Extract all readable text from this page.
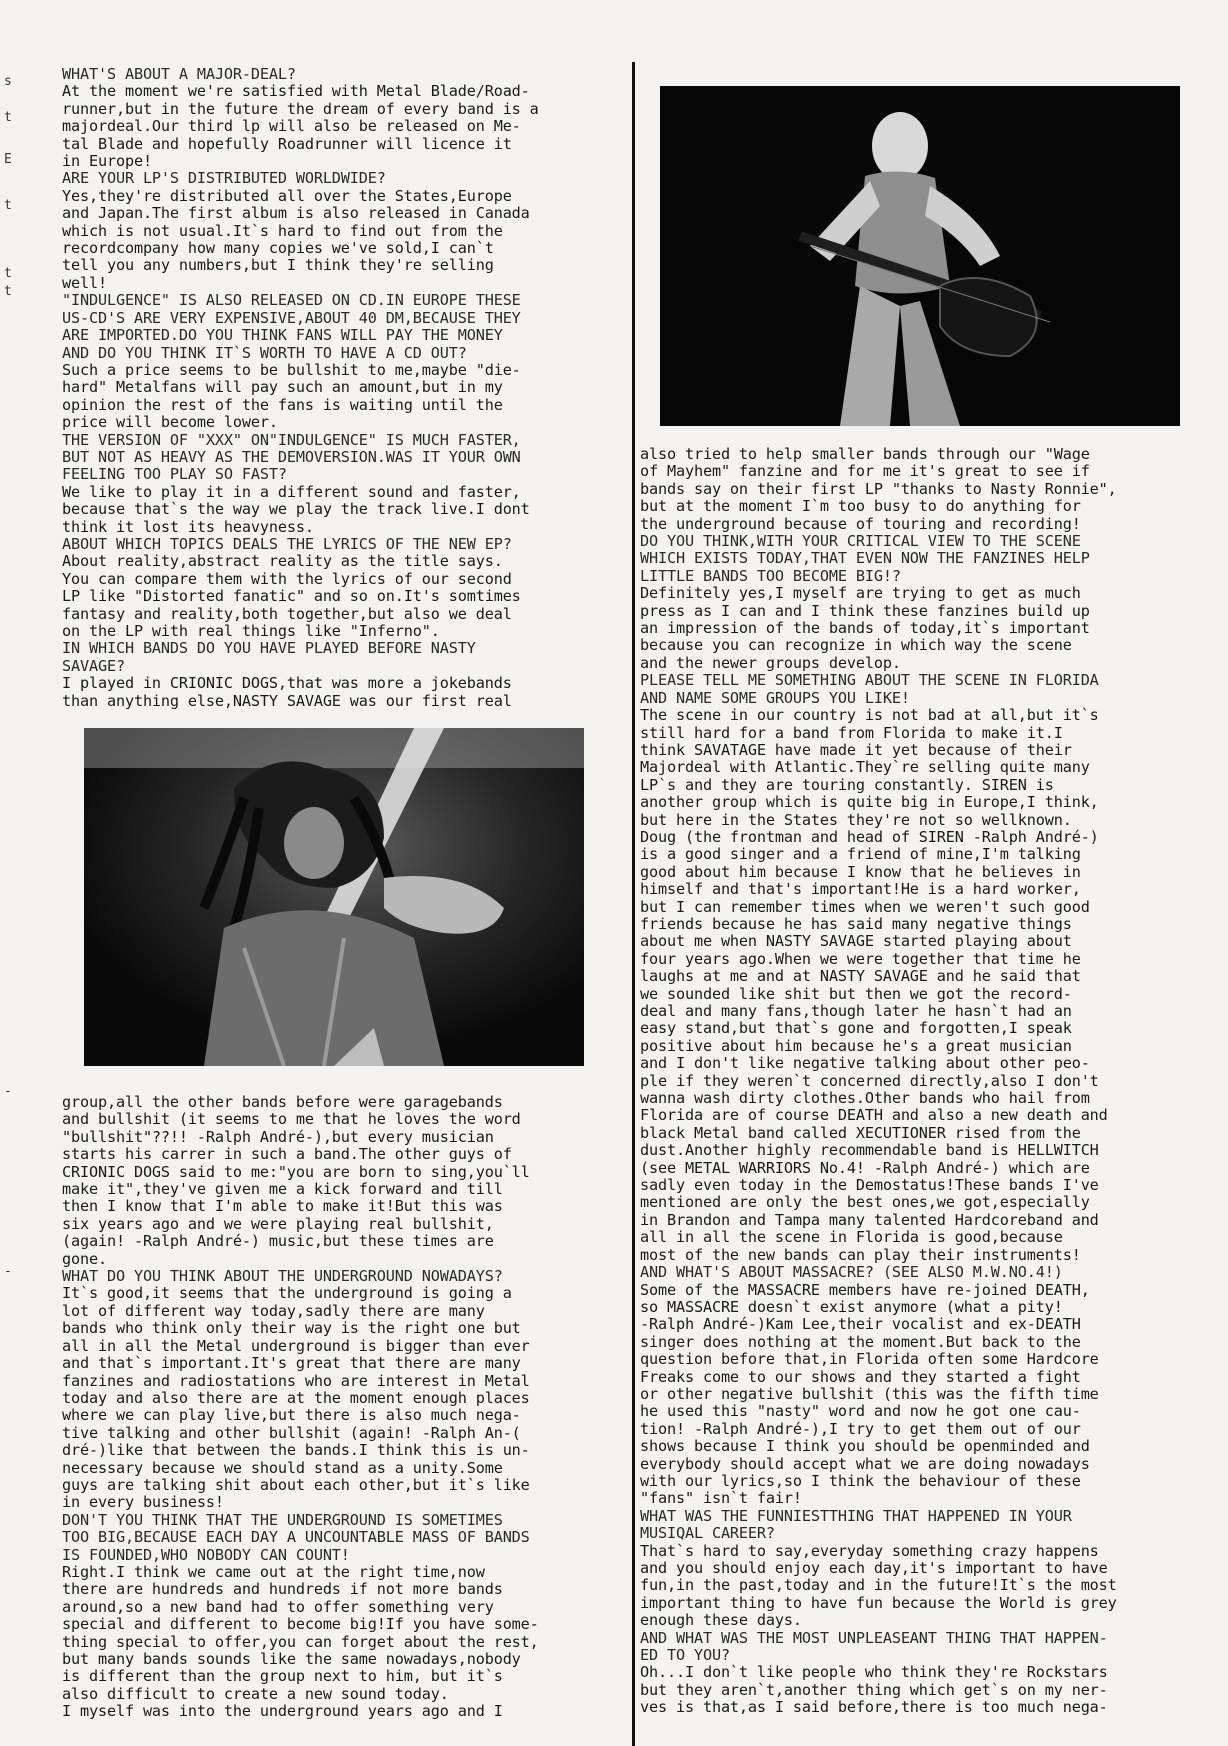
s
t
E
t
t
t
-
-

WHAT'S ABOUT A MAJOR-DEAL?

At the moment we're satisfied with Metal Blade/Road-

runner,but in the future the dream of every band is a

majordeal.Our third lp will also be released on Me-

tal Blade and hopefully Roadrunner will licence it

in Europe!

ARE YOUR LP'S DISTRIBUTED WORLDWIDE?

Yes,they're distributed all over the States,Europe

and Japan.The first album is also released in Canada

which is not usual.It`s hard to find out from the

recordcompany how many copies we've sold,I can`t

tell you any numbers,but I think they're selling

well!

"INDULGENCE" IS ALSO RELEASED ON CD.IN EUROPE THESE

US-CD'S ARE VERY EXPENSIVE,ABOUT 40 DM,BECAUSE THEY

ARE IMPORTED.DO YOU THINK FANS WILL PAY THE MONEY

AND DO YOU THINK IT`S WORTH TO HAVE A CD OUT?

Such a price seems to be bullshit to me,maybe "die-

hard" Metalfans will pay such an amount,but in my

opinion the rest of the fans is waiting until the

price will become lower.

THE VERSION OF "XXX" ON"INDULGENCE" IS MUCH FASTER,

BUT NOT AS HEAVY AS THE DEMOVERSION.WAS IT YOUR OWN

FEELING TOO PLAY SO FAST?

We like to play it in a different sound and faster,

because that`s the way we play the track live.I dont

think it lost its heavyness.

ABOUT WHICH TOPICS DEALS THE LYRICS OF THE NEW EP?

About reality,abstract reality as the title says.

You can compare them with the lyrics of our second

LP like "Distorted fanatic" and so on.It's somtimes

fantasy and reality,both together,but also we deal

on the LP with real things like "Inferno".

IN WHICH BANDS DO YOU HAVE PLAYED BEFORE NASTY

SAVAGE?

I played in CRIONIC DOGS,that was more a jokebands

than anything else,NASTY SAVAGE was our first real

group,all the other bands before were garagebands

and bullshit (it seems to me that he loves the word

"bullshit"??!! -Ralph André-),but every musician

starts his carrer in such a band.The other guys of

CRIONIC DOGS said to me:"you are born to sing,you`ll

make it",they've given me a kick forward and till

then I know that I'm able to make it!But this was

six years ago and we were playing real bullshit,

(again! -Ralph André-) music,but these times are

gone.

WHAT DO YOU THINK ABOUT THE UNDERGROUND NOWADAYS?

It`s good,it seems that the underground is going a

lot of different way today,sadly there are many

bands who think only their way is the right one but

all in all the Metal underground is bigger than ever

and that`s important.It's great that there are many

fanzines and radiostations who are interest in Metal

today and also there are at the moment enough places

where we can play live,but there is also much nega-

tive talking and other bullshit (again! -Ralph An-(

dré-)like that between the bands.I think this is un-

necessary because we should stand as a unity.Some

guys are talking shit about each other,but it`s like

in every business!

DON'T YOU THINK THAT THE UNDERGROUND IS SOMETIMES

TOO BIG,BECAUSE EACH DAY A UNCOUNTABLE MASS OF BANDS

IS FOUNDED,WHO NOBODY CAN COUNT!

Right.I think we came out at the right time,now

there are hundreds and hundreds if not more bands

around,so a new band had to offer something very

special and different to become big!If you have some-

thing special to offer,you can forget about the rest,

but many bands sounds like the same nowadays,nobody

is different than the group next to him, but it`s

also difficult to create a new sound today.

I myself was into the underground years ago and I

also tried to help smaller bands through our "Wage

of Mayhem" fanzine and for me it's great to see if

bands say on their first LP "thanks to Nasty Ronnie",

but at the moment I`m too busy to do anything for

the underground because of touring and recording!

DO YOU THINK,WITH YOUR CRITICAL VIEW TO THE SCENE

WHICH EXISTS TODAY,THAT EVEN NOW THE FANZINES HELP

LITTLE BANDS TOO BECOME BIG!?

Definitely yes,I myself are trying to get as much

press as I can and I think these fanzines build up

an impression of the bands of today,it`s important

because you can recognize in which way the scene

and the newer groups develop.

PLEASE TELL ME SOMETHING ABOUT THE SCENE IN FLORIDA

AND NAME SOME GROUPS YOU LIKE!

The scene in our country is not bad at all,but it`s

still hard for a band from Florida to make it.I

think SAVATAGE have made it yet because of their

Majordeal with Atlantic.They`re selling quite many

LP`s and they are touring constantly. SIREN is

another group which is quite big in Europe,I think,

but here in the States they're not so wellknown.

Doug (the frontman and head of SIREN -Ralph André-)

is a good singer and a friend of mine,I'm talking

good about him because I know that he believes in

himself and that's important!He is a hard worker,

but I can remember times when we weren't such good

friends because he has said many negative things

about me when NASTY SAVAGE started playing about

four years ago.When we were together that time he

laughs at me and at NASTY SAVAGE and he said that

we sounded like shit but then we got the record-

deal and many fans,though later he hasn`t had an

easy stand,but that`s gone and forgotten,I speak

positive about him because he's a great musician

and I don't like negative talking about other peo-

ple if they weren`t concerned directly,also I don't

wanna wash dirty clothes.Other bands who hail from

Florida are of course DEATH and also a new death and

black Metal band called XECUTIONER rised from the

dust.Another highly recommendable band is HELLWITCH

(see METAL WARRIORS No.4! -Ralph André-) which are

sadly even today in the Demostatus!These bands I've

mentioned are only the best ones,we got,especially

in Brandon and Tampa many talented Hardcoreband and

all in all the scene in Florida is good,because

most of the new bands can play their instruments!

AND WHAT'S ABOUT MASSACRE? (SEE ALSO M.W.NO.4!)

Some of the MASSACRE members have re-joined DEATH,

so MASSACRE doesn`t exist anymore (what a pity!

-Ralph André-)Kam Lee,their vocalist and ex-DEATH

singer does nothing at the moment.But back to the

question before that,in Florida often some Hardcore

Freaks come to our shows and they started a fight

or other negative bullshit (this was the fifth time

he used this "nasty" word and now he got one cau-

tion! -Ralph André-),I try to get them out of our

shows because I think you should be openminded and

everybody should accept what we are doing nowadays

with our lyrics,so I think the behaviour of these

"fans" isn`t fair!

WHAT WAS THE FUNNIESTTHING THAT HAPPENED IN YOUR

MUSIQAL CAREER?

That`s hard to say,everyday something crazy happens

and you should enjoy each day,it's important to have

fun,in the past,today and in the future!It`s the most

important thing to have fun because the World is grey

enough these days.

AND WHAT WAS THE MOST UNPLEASEANT THING THAT HAPPEN-

ED TO YOU?

Oh...I don`t like people who think they're Rockstars

but they aren`t,another thing which get`s on my ner-

ves is that,as I said before,there is too much nega-
